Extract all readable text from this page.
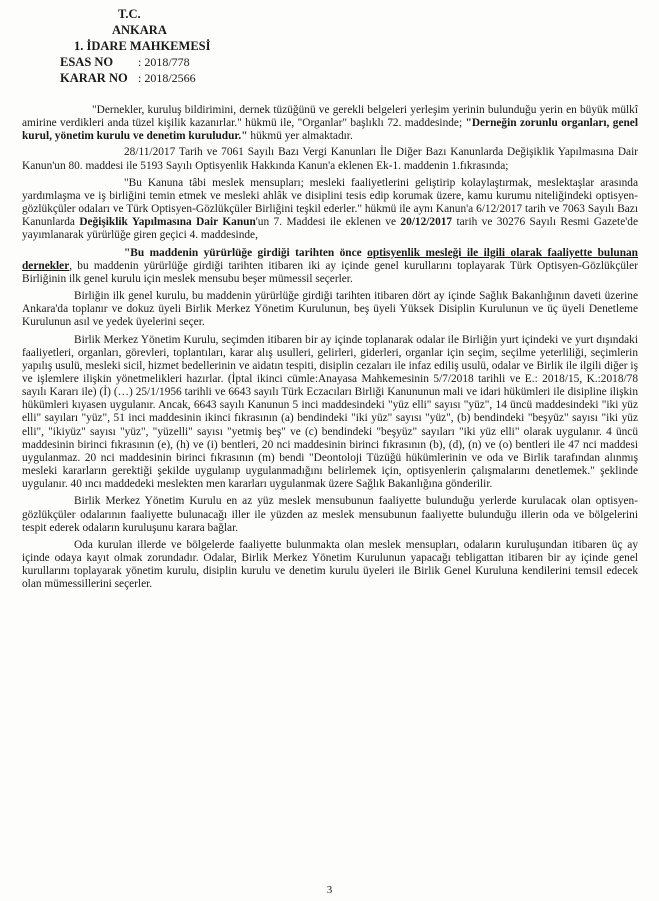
T.C.
ANKARA
1. İDARE MAHKEMESİ
ESAS NO : 2018/778
KARAR NO : 2018/2566

"Dernekler, kuruluş bildirimini, dernek tüzüğünü ve gerekli belgeleri yerleşim yerinin bulunduğu yerin en büyük mülkî amirine verdikleri anda tüzel kişilik kazanırlar." hükmü ile, "Organlar" başlıklı 72. maddesinde; "Derneğin zorunlu organları, genel kurul, yönetim kurulu ve denetim kuruludur." hükmü yer almaktadır.

28/11/2017 Tarih ve 7061 Sayılı Bazı Vergi Kanunları İle Diğer Bazı Kanunlarda Değişiklik Yapılmasına Dair Kanun'un 80. maddesi ile 5193 Sayılı Optisyenlik Hakkında Kanun'a eklenen Ek-1. maddenin 1.fıkrasında;

"Bu Kanuna tâbi meslek mensupları; mesleki faaliyetlerini geliştirip kolaylaştırmak, meslektaşlar arasında yardımlaşma ve iş birliğini temin etmek ve mesleki ahlâk ve disiplini tesis edip korumak üzere, kamu kurumu niteliğindeki optisyen-gözlükçüler odaları ve Türk Optisyen-Gözlükçüler Birliğini teşkil ederler." hükmü ile aynı Kanun'a 6/12/2017 tarih ve 7063 Sayılı Bazı Kanunlarda Değişiklik Yapılmasına Dair Kanun'un 7. Maddesi ile eklenen ve 20/12/2017 tarih ve 30276 Sayılı Resmi Gazete'de yayımlanarak yürürlüğe giren geçici 4. maddesinde,

"Bu maddenin yürürlüğe girdiği tarihten önce optisyenlik mesleği ile ilgili olarak faaliyette bulunan dernekler, bu maddenin yürürlüğe girdiği tarihten itibaren iki ay içinde genel kurullarını toplayarak Türk Optisyen-Gözlükçüler Birliğinin ilk genel kurulu için meslek mensubu beşer mümessil seçerler.

Birliğin ilk genel kurulu, bu maddenin yürürlüğe girdiği tarihten itibaren dört ay içinde Sağlık Bakanlığının daveti üzerine Ankara'da toplanır ve dokuz üyeli Birlik Merkez Yönetim Kurulunun, beş üyeli Yüksek Disiplin Kurulunun ve üç üyeli Denetleme Kurulunun asıl ve yedek üyelerini seçer.

Birlik Merkez Yönetim Kurulu, seçimden itibaren bir ay içinde toplanarak odalar ile Birliğin yurt içindeki ve yurt dışındaki faaliyetleri, organları, görevleri, toplantıları, karar alış usulleri, gelirleri, giderleri, organlar için seçim, seçilme yeterliliği, seçimlerin yapılış usulü, mesleki sicil, hizmet bedellerinin ve aidatın tespiti, disiplin cezaları ile infaz ediliş usulü, odalar ve Birlik ile ilgili diğer iş ve işlemlere ilişkin yönetmelikleri hazırlar. (İptal ikinci cümle:Anayasa Mahkemesinin 5/7/2018 tarihli ve E.: 2018/15, K.:2018/78 sayılı Kararı ile) (İ) (…) 25/1/1956 tarihli ve 6643 sayılı Türk Eczacıları Birliği Kanununun mali ve idari hükümleri ile disipline ilişkin hükümleri kıyasen uygulanır. Ancak, 6643 sayılı Kanunun 5 inci maddesindeki "yüz elli" sayısı "yüz", 14 üncü maddesindeki "iki yüz elli" sayıları "yüz", 51 inci maddesinin ikinci fıkrasının (a) bendindeki "iki yüz" sayısı "yüz", (b) bendindeki "beşyüz" sayısı "iki yüz elli", "ikiyüz" sayısı "yüz", "yüzelli" sayısı "yetmiş beş" ve (c) bendindeki "beşyüz" sayıları "iki yüz elli" olarak uygulanır. 4 üncü maddesinin birinci fıkrasının (e), (h) ve (i) bentleri, 20 nci maddesinin birinci fıkrasının (b), (d), (n) ve (o) bentleri ile 47 nci maddesi uygulanmaz. 20 nci maddesinin birinci fıkrasının (m) bendi "Deontoloji Tüzüğü hükümlerinin ve oda ve Birlik tarafından alınmış mesleki kararların gerektiği şekilde uygulanıp uygulanmadığını belirlemek için, optisyenlerin çalışmalarını denetlemek." şeklinde uygulanır. 40 ıncı maddedeki meslekten men kararları uygulanmak üzere Sağlık Bakanlığına gönderilir.

Birlik Merkez Yönetim Kurulu en az yüz meslek mensubunun faaliyette bulunduğu yerlerde kurulacak olan optisyen-gözlükçüler odalarının faaliyette bulunacağı iller ile yüzden az meslek mensubunun faaliyette bulunduğu illerin oda ve bölgelerini tespit ederek odaların kuruluşunu karara bağlar.

Oda kurulan illerde ve bölgelerde faaliyette bulunmakta olan meslek mensupları, odaların kuruluşundan itibaren üç ay içinde odaya kayıt olmak zorundadır. Odalar, Birlik Merkez Yönetim Kurulunun yapacağı tebligattan itibaren bir ay içinde genel kurullarını toplayarak yönetim kurulu, disiplin kurulu ve denetim kurulu üyeleri ile Birlik Genel Kuruluna kendilerini temsil edecek olan mümessillerini seçerler.

3
